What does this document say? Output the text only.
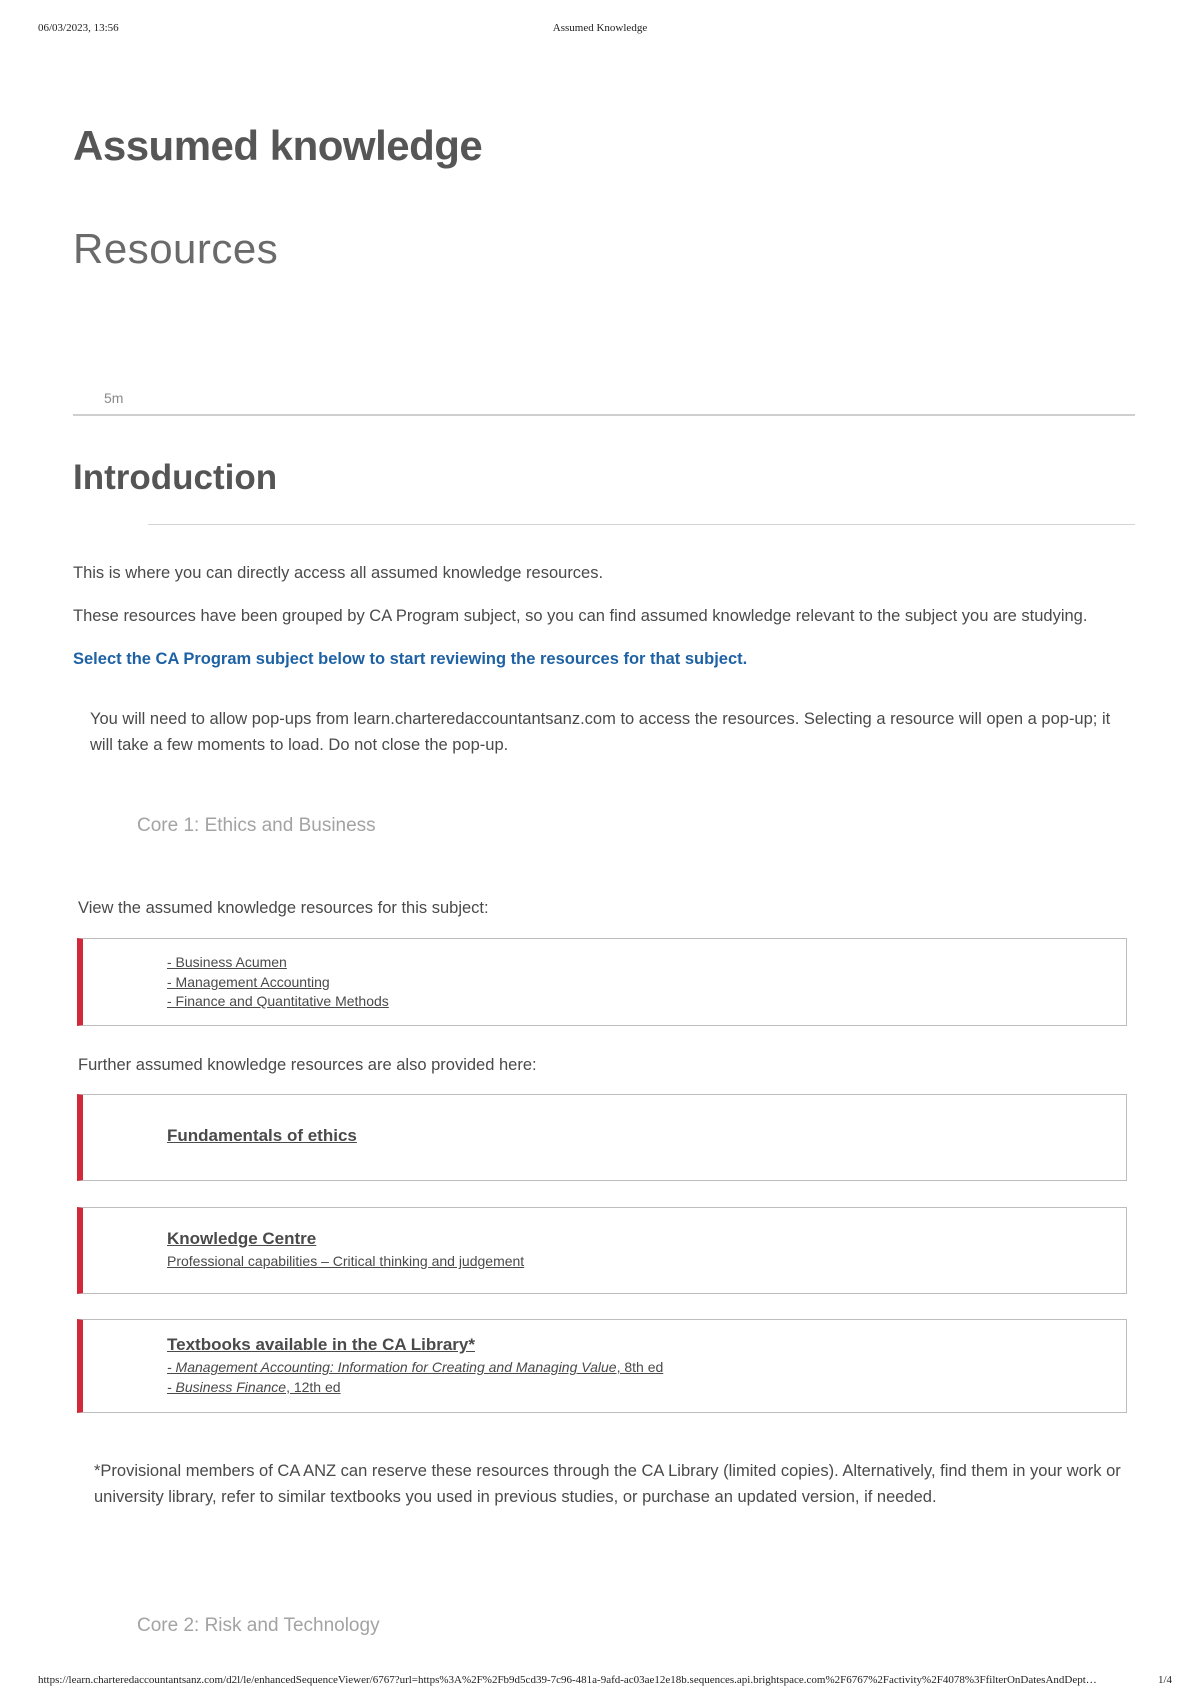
06/03/2023, 13:56	Assumed Knowledge
Assumed knowledge
Resources
5m
Introduction

This is where you can directly access all assumed knowledge resources.

These resources have been grouped by CA Program subject, so you can find assumed knowledge relevant to the subject you are studying.

Select the CA Program subject below to start reviewing the resources for that subject.

You will need to allow pop-ups from learn.charteredaccountantsanz.com to access the resources. Selecting a resource will open a pop-up; it will take a few moments to load. Do not close the pop-up.

Core 1: Ethics and Business

View the assumed knowledge resources for this subject:

- Business Acumen
- Management Accounting
- Finance and Quantitative Methods

Further assumed knowledge resources are also provided here:

Fundamentals of ethics
Knowledge Centre
Professional capabilities – Critical thinking and judgement
Textbooks available in the CA Library*
- Management Accounting: Information for Creating and Managing Value, 8th ed
- Business Finance, 12th ed

*Provisional members of CA ANZ can reserve these resources through the CA Library (limited copies). Alternatively, find them in your work or university library, refer to similar textbooks you used in previous studies, or purchase an updated version, if needed.

Core 2: Risk and Technology
https://learn.charteredaccountantsanz.com/d2l/le/enhancedSequenceViewer/6767?url=https%3A%2F%2Fb9d5cd39-7c96-481a-9afd-ac03ae12e18b.sequences.api.brightspace.com%2F6767%2Factivity%2F4078%3FfilterOnDatesAndDept…	1/4
